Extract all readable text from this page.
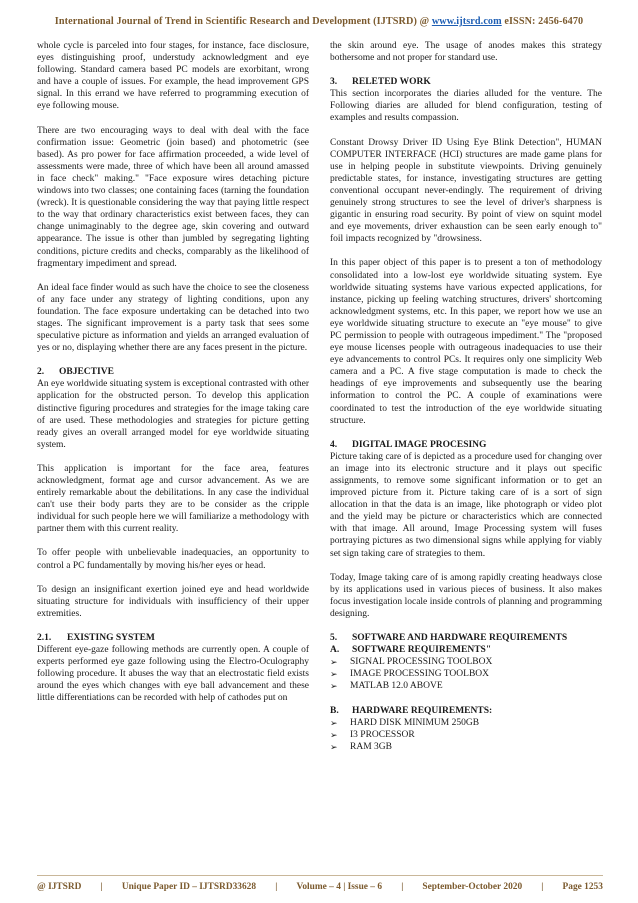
International Journal of Trend in Scientific Research and Development (IJTSRD) @ www.ijtsrd.com eISSN: 2456-6470

whole cycle is parceled into four stages, for instance, face disclosure, eyes distinguishing proof, understudy acknowledgment and eye following. Standard camera based PC models are exorbitant, wrong and have a couple of issues. For example, the head improvement GPS signal. In this errand we have referred to programming execution of eye following mouse.

There are two encouraging ways to deal with deal with the face confirmation issue: Geometric (join based) and photometric (see based). As pro power for face affirmation proceeded, a wide level of assessments were made, three of which have been all around amassed in face check" making." "Face exposure wires detaching picture windows into two classes; one containing faces (tarning the foundation (wreck). It is questionable considering the way that paying little respect to the way that ordinary characteristics exist between faces, they can change unimaginably to the degree age, skin covering and outward appearance. The issue is other than jumbled by segregating lighting conditions, picture credits and checks, comparably as the likelihood of fragmentary impediment and spread.

An ideal face finder would as such have the choice to see the closeness of any face under any strategy of lighting conditions, upon any foundation. The face exposure undertaking can be detached into two stages. The significant improvement is a party task that sees some speculative picture as information and yields an arranged evaluation of yes or no, displaying whether there are any faces present in the picture.

2. OBJECTIVE

An eye worldwide situating system is exceptional contrasted with other application for the obstructed person. To develop this application distinctive figuring procedures and strategies for the image taking care of are used. These methodologies and strategies for picture getting ready gives an overall arranged model for eye worldwide situating system.

This application is important for the face area, features acknowledgment, format age and cursor advancement. As we are entirely remarkable about the debilitations. In any case the individual can't use their body parts they are to be consider as the cripple individual for such people here we will familiarize a methodology with partner them with this current reality.

To offer people with unbelievable inadequacies, an opportunity to control a PC fundamentally by moving his/her eyes or head.

To design an insignificant exertion joined eye and head worldwide situating structure for individuals with insufficiency of their upper extremities.

2.1. EXISTING SYSTEM

Different eye-gaze following methods are currently open. A couple of experts performed eye gaze following using the Electro-Oculography following procedure. It abuses the way that an electrostatic field exists around the eyes which changes with eye ball advancement and these little differentiations can be recorded with help of cathodes put on

the skin around eye. The usage of anodes makes this strategy bothersome and not proper for standard use.

3. RELETED WORK

This section incorporates the diaries alluded for the venture. The Following diaries are alluded for blend configuration, testing of examples and results compassion.

Constant Drowsy Driver ID Using Eye Blink Detection", HUMAN COMPUTER INTERFACE (HCI) structures are made game plans for use in helping people in substitute viewpoints. Driving genuinely predictable states, for instance, investigating structures are getting conventional occupant never-endingly. The requirement of driving genuinely strong structures to see the level of driver's sharpness is gigantic in ensuring road security. By point of view on squint model and eye movements, driver exhaustion can be seen early enough to" foil impacts recognized by "drowsiness.

In this paper object of this paper is to present a ton of methodology consolidated into a low-lost eye worldwide situating system. Eye worldwide situating systems have various expected applications, for instance, picking up feeling watching structures, drivers' shortcoming acknowledgment systems, etc. In this paper, we report how we use an eye worldwide situating structure to execute an "eye mouse" to give PC permission to people with outrageous impediment." The "proposed eye mouse licenses people with outrageous inadequacies to use their eye advancements to control PCs. It requires only one simplicity Web camera and a PC. A five stage computation is made to check the headings of eye improvements and subsequently use the bearing information to control the PC. A couple of examinations were coordinated to test the introduction of the eye worldwide situating structure.

4. DIGITAL IMAGE PROCESING

Picture taking care of is depicted as a procedure used for changing over an image into its electronic structure and it plays out specific assignments, to remove some significant information or to get an improved picture from it. Picture taking care of is a sort of sign allocation in that the data is an image, like photograph or video plot and the yield may be picture or characteristics which are connected with that image. All around, Image Processing system will fuses portraying pictures as two dimensional signs while applying for viably set sign taking care of strategies to them.

Today, Image taking care of is among rapidly creating headways close by its applications used in various pieces of business. It also makes focus investigation locale inside controls of planning and programming designing.

5. SOFTWARE AND HARDWARE REQUIREMENTS
A. SOFTWARE REQUIREMENTS"
➢ SIGNAL PROCESSING TOOLBOX
➢ IMAGE PROCESSING TOOLBOX
➢ MATLAB 12.0 ABOVE
B. HARDWARE REQUIREMENTS:
➢ HARD DISK MINIMUM 250GB
➢ I3 PROCESSOR
➢ RAM 3GB
@ IJTSRD | Unique Paper ID – IJTSRD33628 | Volume – 4 | Issue – 6 | September-October 2020 | Page 1253
